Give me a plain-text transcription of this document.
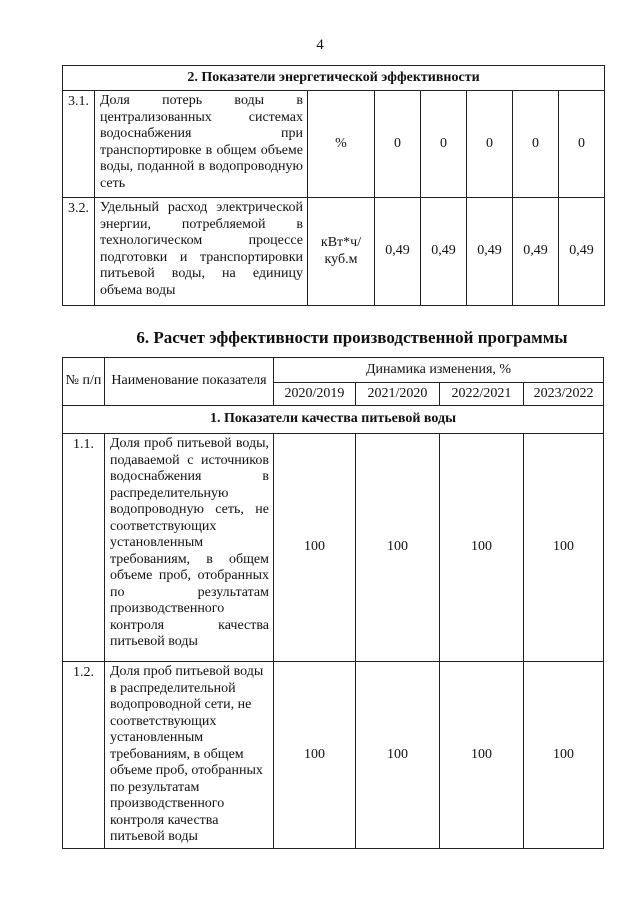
4
2. Показатели энергетической эффективности							
3.1.	Доля потерь воды в централизованных системах водоснабжения при транспортировке в общем объеме воды, поданной в водопроводную сеть	%	0	0	0	0	0
3.2.	Удельный расход электрической энергии, потребляемой в технологическом процессе подготовки и транспортировки питьевой воды, на единицу объема воды	кВт*ч/ куб.м	0,49	0,49	0,49	0,49	0,49
6. Расчет эффективности производственной программы
№ п/п	Наименование показателя	Динамика изменения, %			
		2020/2019	2021/2020	2022/2021	2023/2022
1. Показатели качества питьевой воды					
1.1.	Доля проб питьевой воды, подаваемой с источников водоснабжения в распределительную водопроводную сеть, не соответствующих установленным требованиям, в общем объеме проб, отобранных по результатам производственного контроля качества питьевой воды	100	100	100	100
1.2.	Доля проб питьевой воды в распределительной водопроводной сети, не соответствующих установленным требованиям, в общем объеме проб, отобранных по результатам производственного контроля качества питьевой воды	100	100	100	100
